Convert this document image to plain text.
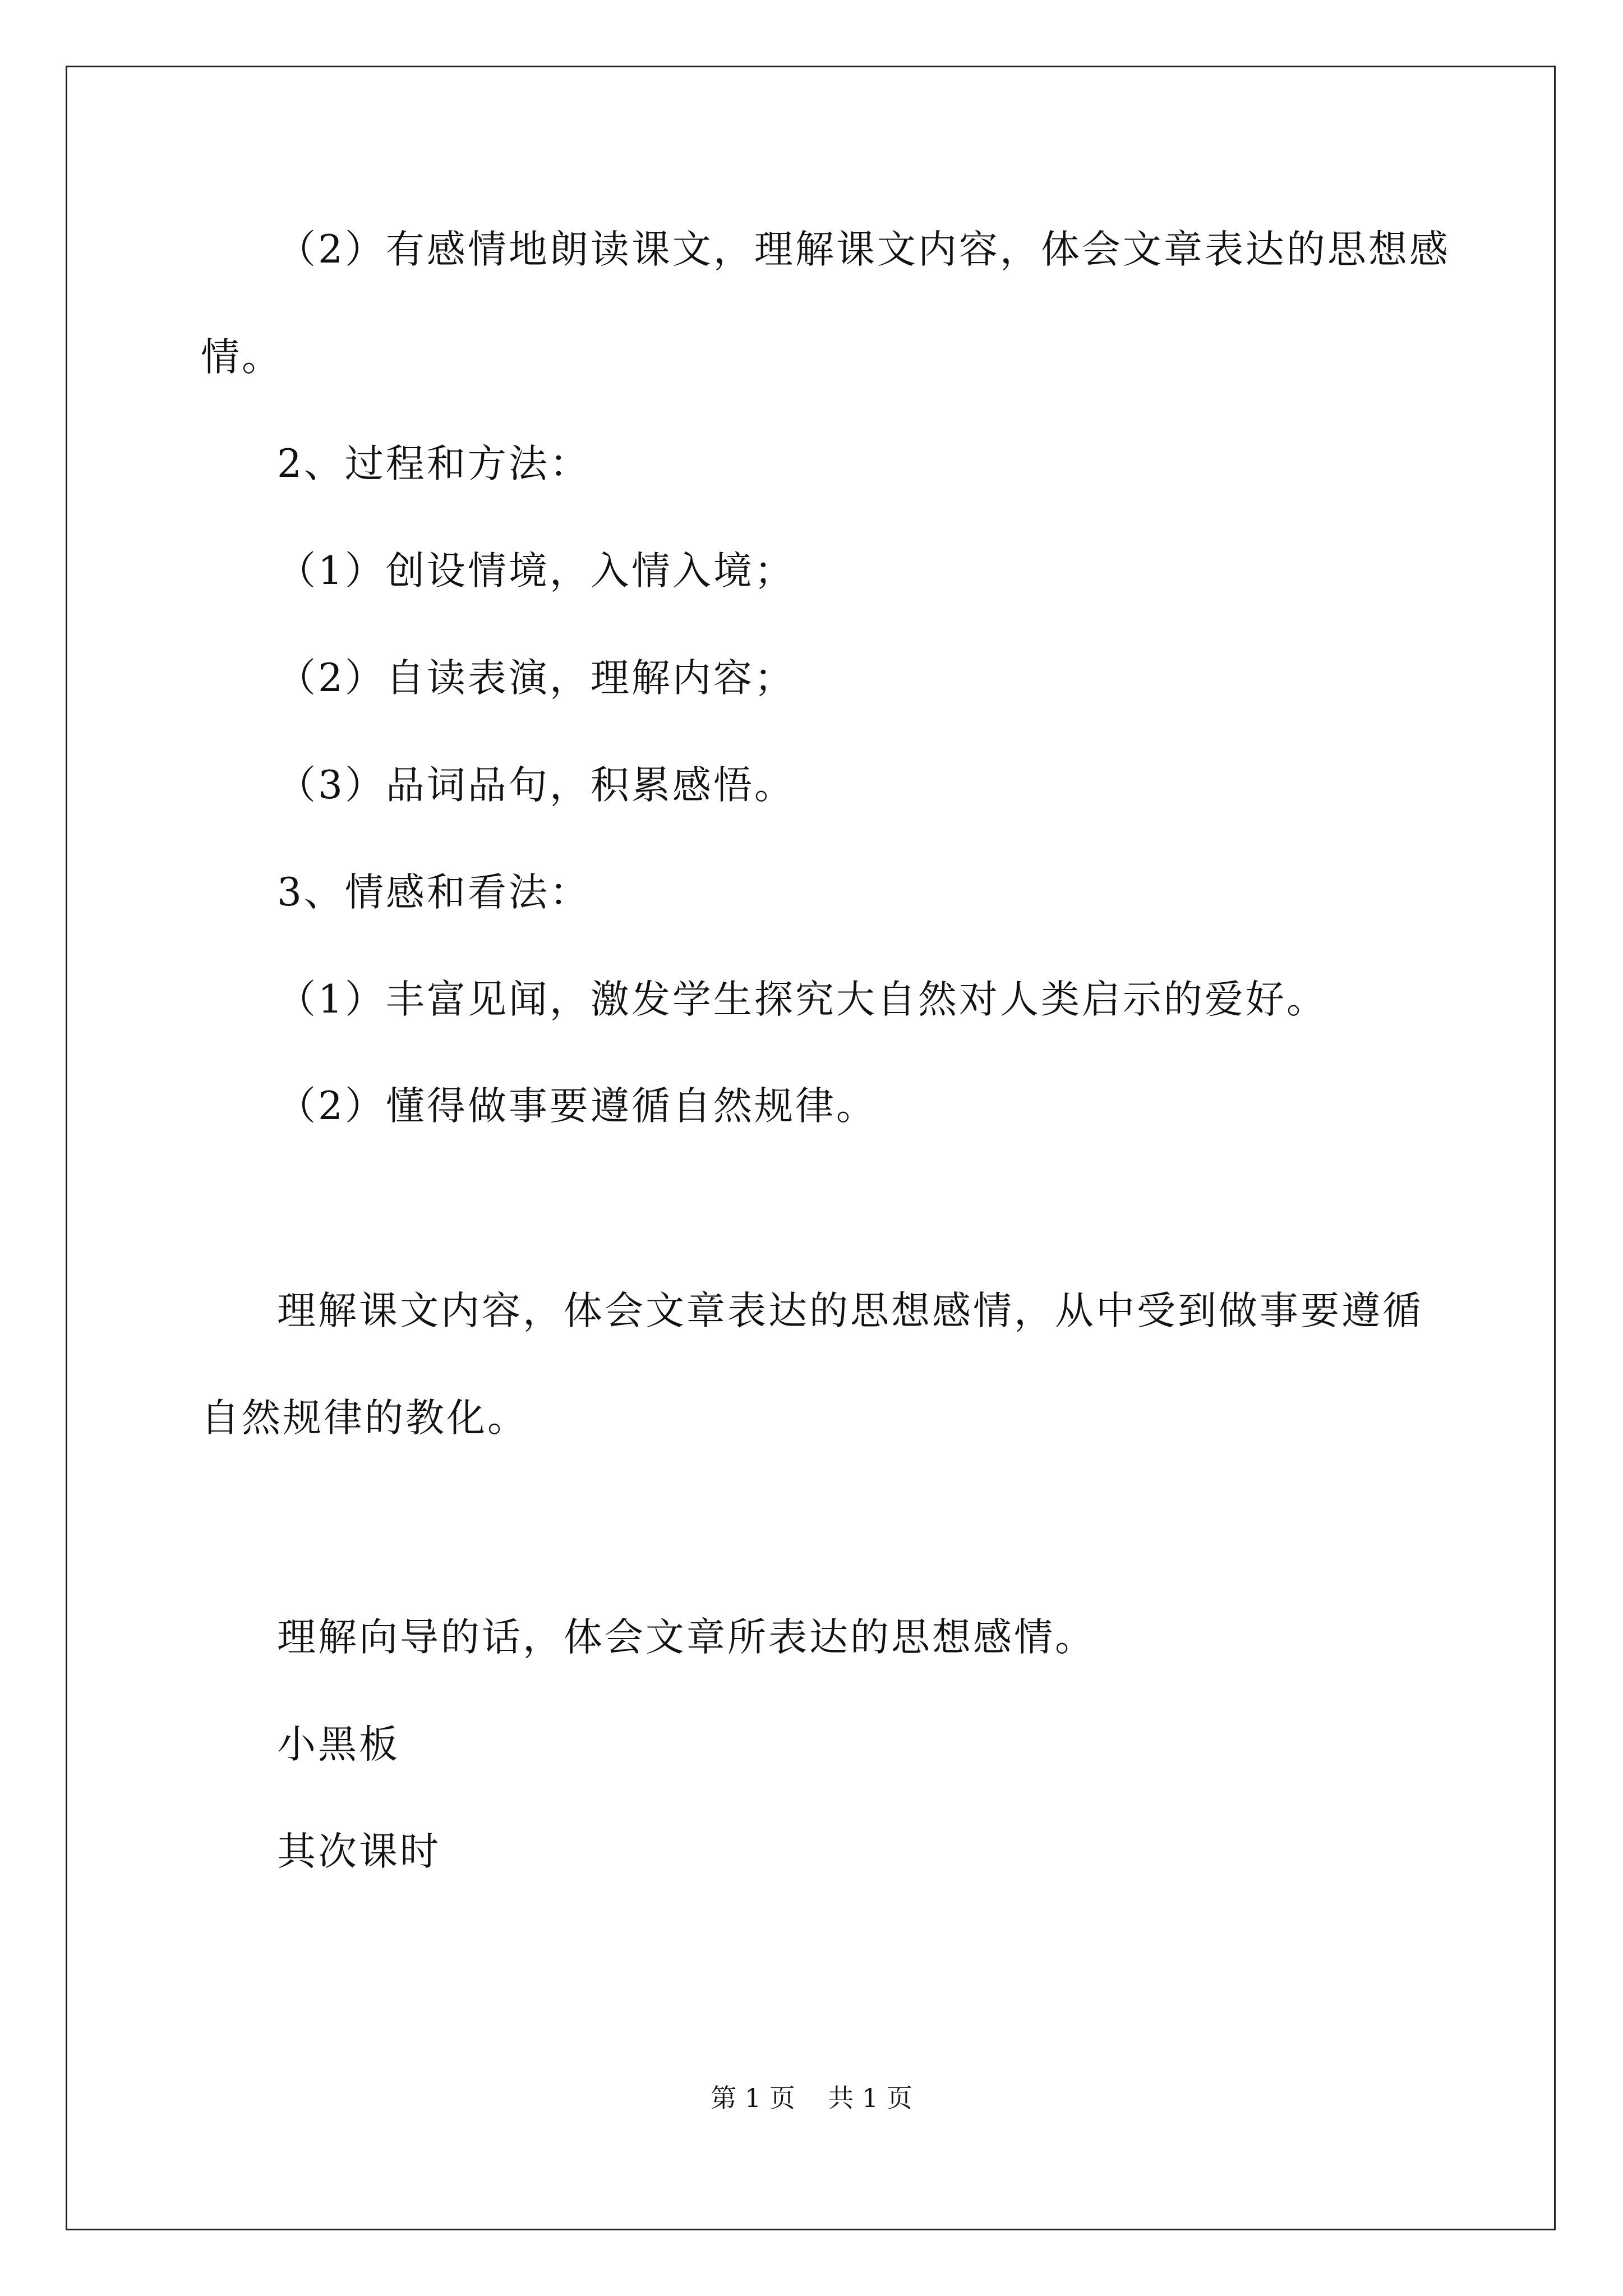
（2）有感情地朗读课文，理解课文内容，体会文章表达的思想感
情。
2、过程和方法：
（1）创设情境，入情入境；
（2）自读表演，理解内容；
（3）品词品句，积累感悟。
3、情感和看法：
（1）丰富见闻，激发学生探究大自然对人类启示的爱好。
（2）懂得做事要遵循自然规律。
理解课文内容，体会文章表达的思想感情，从中受到做事要遵循
自然规律的教化。
理解向导的话，体会文章所表达的思想感情。
小黑板
其次课时
第 1 页    共 1 页
